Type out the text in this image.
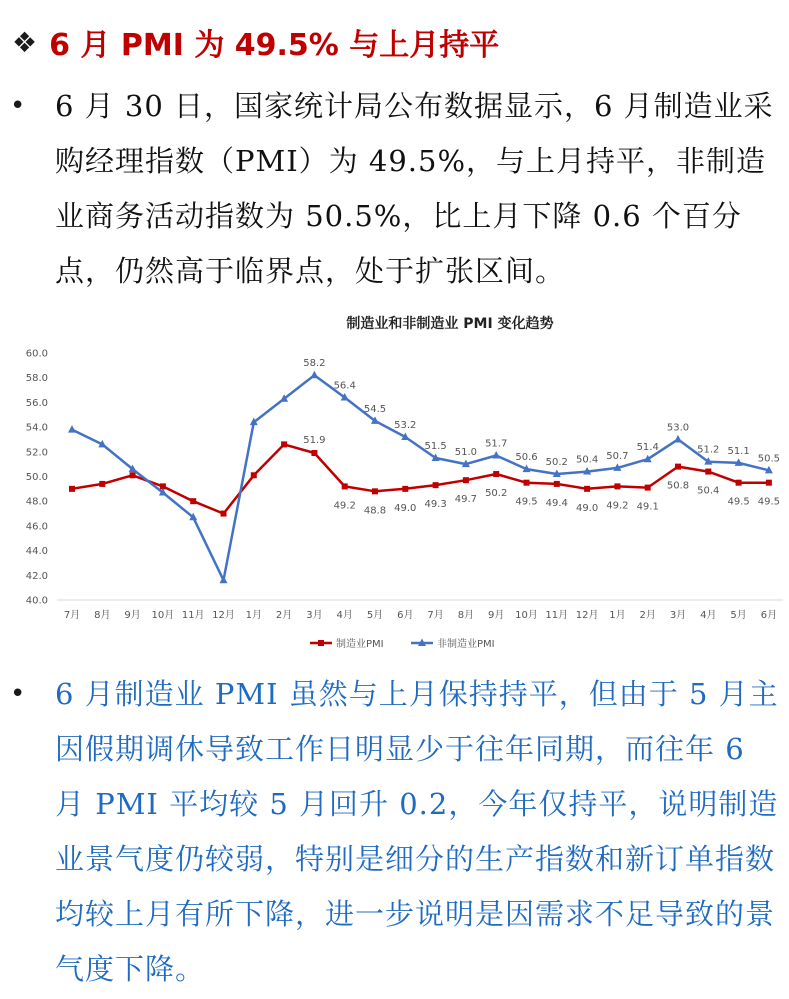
❖ 6 月 PMI 为 49.5% 与上月持平
•	6 月 30 日，国家统计局公布数据显示，6 月制造业采购经理指数（PMI）为 49.5%，与上月持平，非制造业商务活动指数为 50.5%，比上月下降 0.6 个百分点，仍然高于临界点，处于扩张区间。
制造业和非制造业 PMI 变化趋势
40.0
42.0
44.0
46.0
48.0
50.0
52.0
54.0
56.0
58.0
60.0
7月 8月 9月 10月 11月 12月 1月 2月 3月 4月 5月 6月 7月 8月 9月 10月 11月 12月 1月 2月 3月 4月 5月 6月
51.9
49.2 48.8 49.0 49.3 49.7
50.2
49.5 49.4 49.0 49.2 49.1
50.8 50.4
49.5 49.5
58.2
56.4
54.5
53.2
51.5
51.0
51.7
50.6 50.2 50.4 50.7
51.4
53.0
51.2 51.1
50.5
制造业PMI	非制造业PMI
•	6 月制造业 PMI 虽然与上月保持持平，但由于 5 月主因假期调休导致工作日明显少于往年同期，而往年 6 月 PMI 平均较 5 月回升 0.2，今年仅持平，说明制造业景气度仍较弱，特别是细分的生产指数和新订单指数均较上月有所下降，进一步说明是因需求不足导致的景气度下降。
